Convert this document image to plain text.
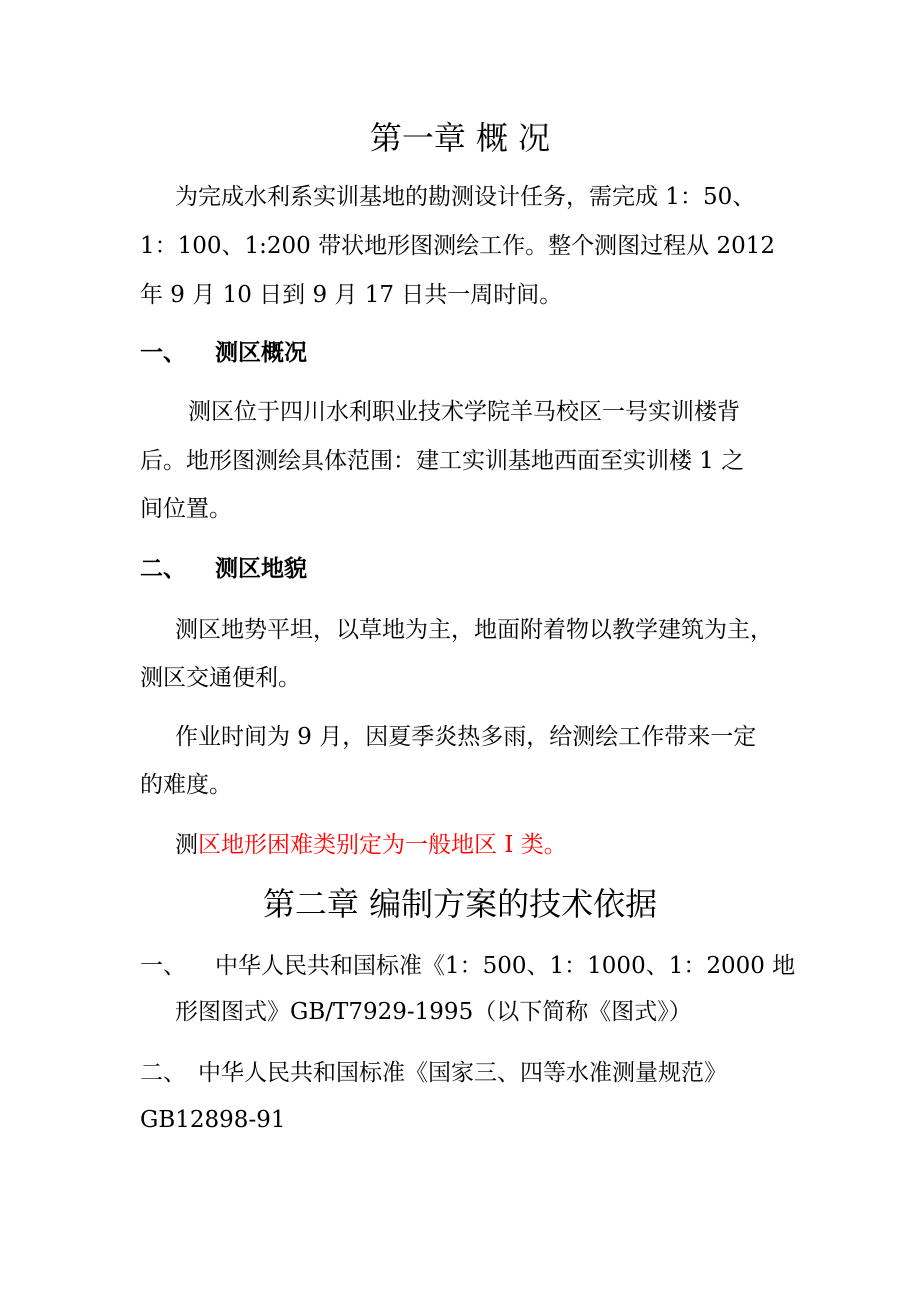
第一章 概 况
为完成水利系实训基地的勘测设计任务，需完成 1：50、
1：100、1:200 带状地形图测绘工作。整个测图过程从 2012
年 9 月 10 日到 9 月 17 日共一周时间。
一、 测区概况
测区位于四川水利职业技术学院羊马校区一号实训楼背
后。地形图测绘具体范围：建工实训基地西面至实训楼 1 之
间位置。
二、 测区地貌
测区地势平坦，以草地为主，地面附着物以教学建筑为主，
测区交通便利。
作业时间为 9 月，因夏季炎热多雨，给测绘工作带来一定
的难度。
测区地形困难类别定为一般地区 I 类。
第二章 编制方案的技术依据
一、 中华人民共和国标准《1：500、1：1000、1：2000 地
形图图式》GB/T7929-1995（以下简称《图式》）
二、 中华人民共和国标准《国家三、四等水准测量规范》
GB12898-91
